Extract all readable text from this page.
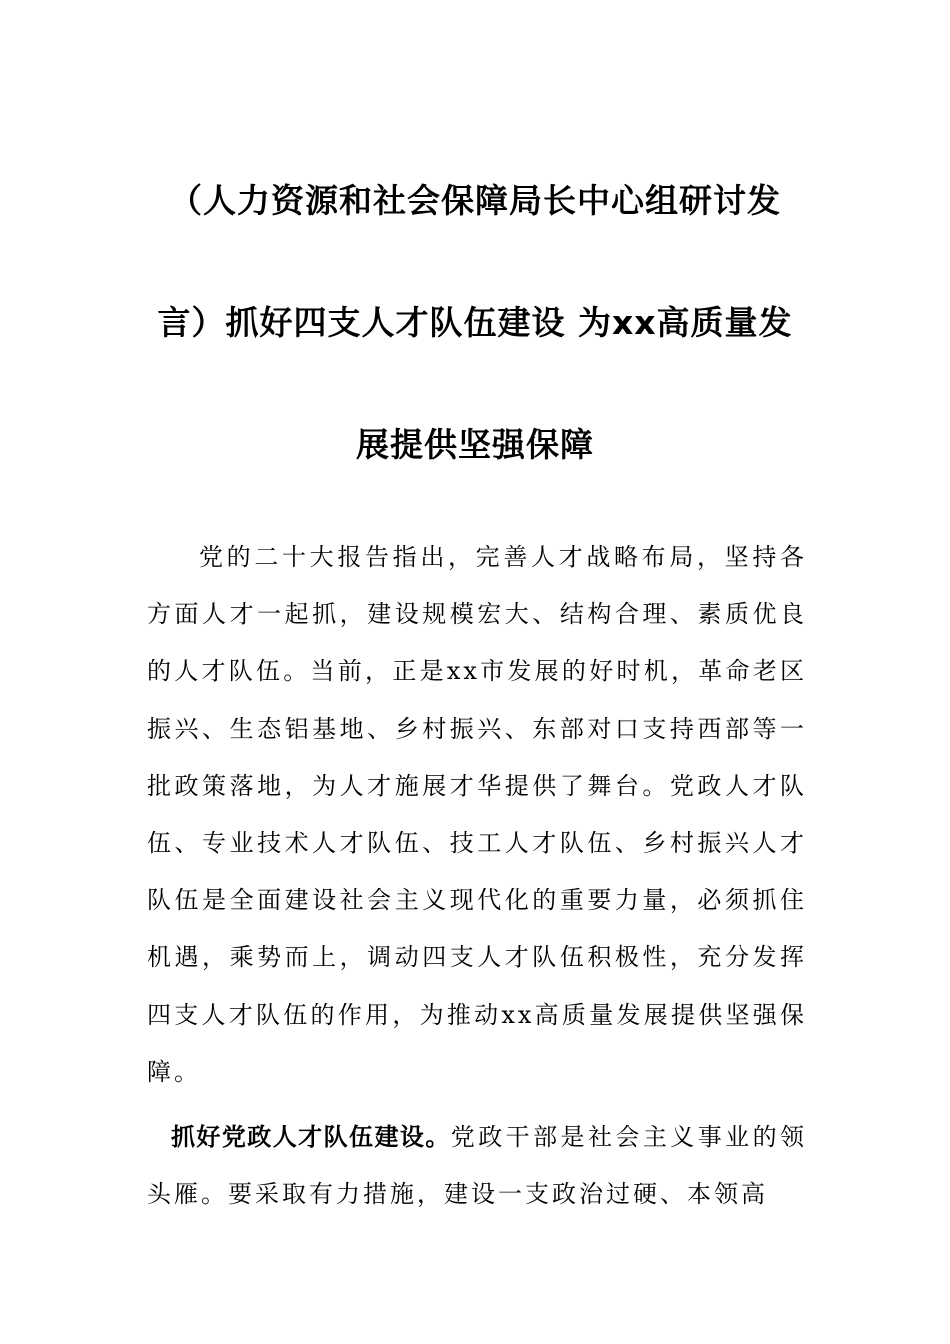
（人力资源和社会保障局长中心组研讨发
言）抓好四支人才队伍建设 为xx高质量发
展提供坚强保障

党的二十大报告指出，完善人才战略布局，坚持各方面人才一起抓，建设规模宏大、结构合理、素质优良的人才队伍。当前，正是xx市发展的好时机，革命老区振兴、生态铝基地、乡村振兴、东部对口支持西部等一批政策落地，为人才施展才华提供了舞台。党政人才队伍、专业技术人才队伍、技工人才队伍、乡村振兴人才队伍是全面建设社会主义现代化的重要力量，必须抓住机遇，乘势而上，调动四支人才队伍积极性，充分发挥四支人才队伍的作用，为推动xx高质量发展提供坚强保障。

抓好党政人才队伍建设。党政干部是社会主义事业的领头雁。要采取有力措施，建设一支政治过硬、本领高
